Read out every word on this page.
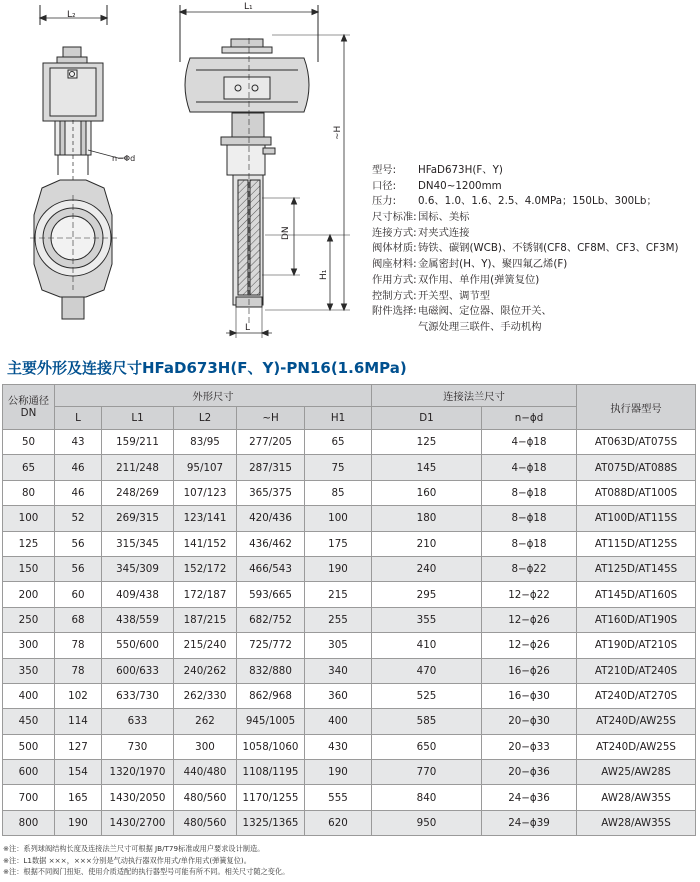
L₂
n−Φd
L₁
DN
~H
H₁
L
型号: HFaD673H(F、Y)
口径: DN40~1200mm
压力: 0.6、1.0、1.6、2.5、4.0MPa；150Lb、300Lb；
尺寸标准:国标、美标
连接方式:对夹式连接
阀体材质:铸铁、碳钢(WCB)、不锈钢(CF8、CF8M、CF3、CF3M)
阀座材料:金属密封(H、Y)、聚四氟乙烯(F)
作用方式:双作用、单作用(弹簧复位)
控制方式:开关型、调节型
附件选择:电磁阀、定位器、限位开关、
气源处理三联件、手动机构
主要外形及连接尺寸HFaD673H(F、Y)-PN16(1.6MPa)
公称通径 DN	外形尺寸					连接法兰尺寸		执行器型号
	L	L1	L2	~H	H1	D1	n−ϕd	
50	43	159/211	83/95	277/205	65	125	4−ϕ18	AT063D/AT075S
65	46	211/248	95/107	287/315	75	145	4−ϕ18	AT075D/AT088S
80	46	248/269	107/123	365/375	85	160	8−ϕ18	AT088D/AT100S
100	52	269/315	123/141	420/436	100	180	8−ϕ18	AT100D/AT115S
125	56	315/345	141/152	436/462	175	210	8−ϕ18	AT115D/AT125S
150	56	345/309	152/172	466/543	190	240	8−ϕ22	AT125D/AT145S
200	60	409/438	172/187	593/665	215	295	12−ϕ22	AT145D/AT160S
250	68	438/559	187/215	682/752	255	355	12−ϕ26	AT160D/AT190S
300	78	550/600	215/240	725/772	305	410	12−ϕ26	AT190D/AT210S
350	78	600/633	240/262	832/880	340	470	16−ϕ26	AT210D/AT240S
400	102	633/730	262/330	862/968	360	525	16−ϕ30	AT240D/AT270S
450	114	633	262	945/1005	400	585	20−ϕ30	AT240D/AW25S
500	127	730	300	1058/1060	430	650	20−ϕ33	AT240D/AW25S
600	154	1320/1970	440/480	1108/1195	190	770	20−ϕ36	AW25/AW28S
700	165	1430/2050	480/560	1170/1255	555	840	24−ϕ36	AW28/AW35S
800	190	1430/2700	480/560	1325/1365	620	950	24−ϕ39	AW28/AW35S
※注：系列球阀结构长度及连接法兰尺寸可根据 JB/T79标准或用户要求设计制造。
※注：L1数据 ×××，×××分别是气动执行器双作用式/单作用式(弹簧复位)。
※注：根据不同阀门扭矩、使用介质适配的执行器型号可能有所不同。相关尺寸随之变化。
